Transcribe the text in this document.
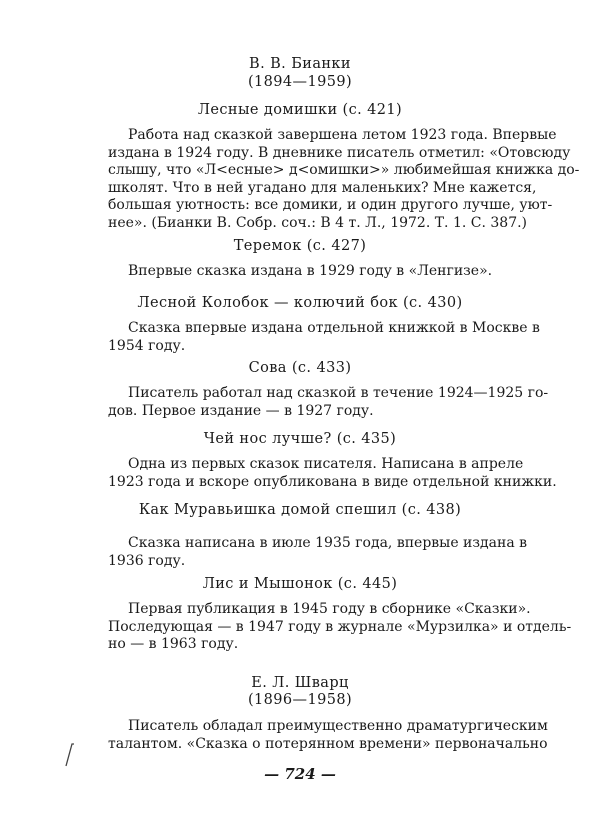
В. В. Бианки
(1894—1959)
Лесные домишки (с. 421)
Работа над сказкой завершена летом 1923 года. Впервые
издана в 1924 году. В дневнике писатель отметил: «Отовсюду
слышу, что «Л<есные> д<омишки>» любимейшая книжка до-
школят. Что в ней угадано для маленьких? Мне кажется,
большая уютность: все домики, и один другого лучше, уют-
нее». (Бианки В. Собр. соч.: В 4 т. Л., 1972. Т. 1. С. 387.)
Теремок (с. 427)
Впервые сказка издана в 1929 году в «Ленгизе».
Лесной Колобок — колючий бок (с. 430)
Сказка впервые издана отдельной книжкой в Москве в
1954 году.
Сова (с. 433)
Писатель работал над сказкой в течение 1924—1925 го-
дов. Первое издание — в 1927 году.
Чей нос лучше? (с. 435)
Одна из первых сказок писателя. Написана в апреле
1923 года и вскоре опубликована в виде отдельной книжки.
Как Муравьишка домой спешил (с. 438)
Сказка написана в июле 1935 года, впервые издана в
1936 году.
Лис и Мышонок (с. 445)
Первая публикация в 1945 году в сборнике «Сказки».
Последующая — в 1947 году в журнале «Мурзилка» и отдель-
но — в 1963 году.
Е. Л. Шварц
(1896—1958)
Писатель обладал преимущественно драматургическим
талантом. «Сказка о потерянном времени» первоначально
— 724 —
